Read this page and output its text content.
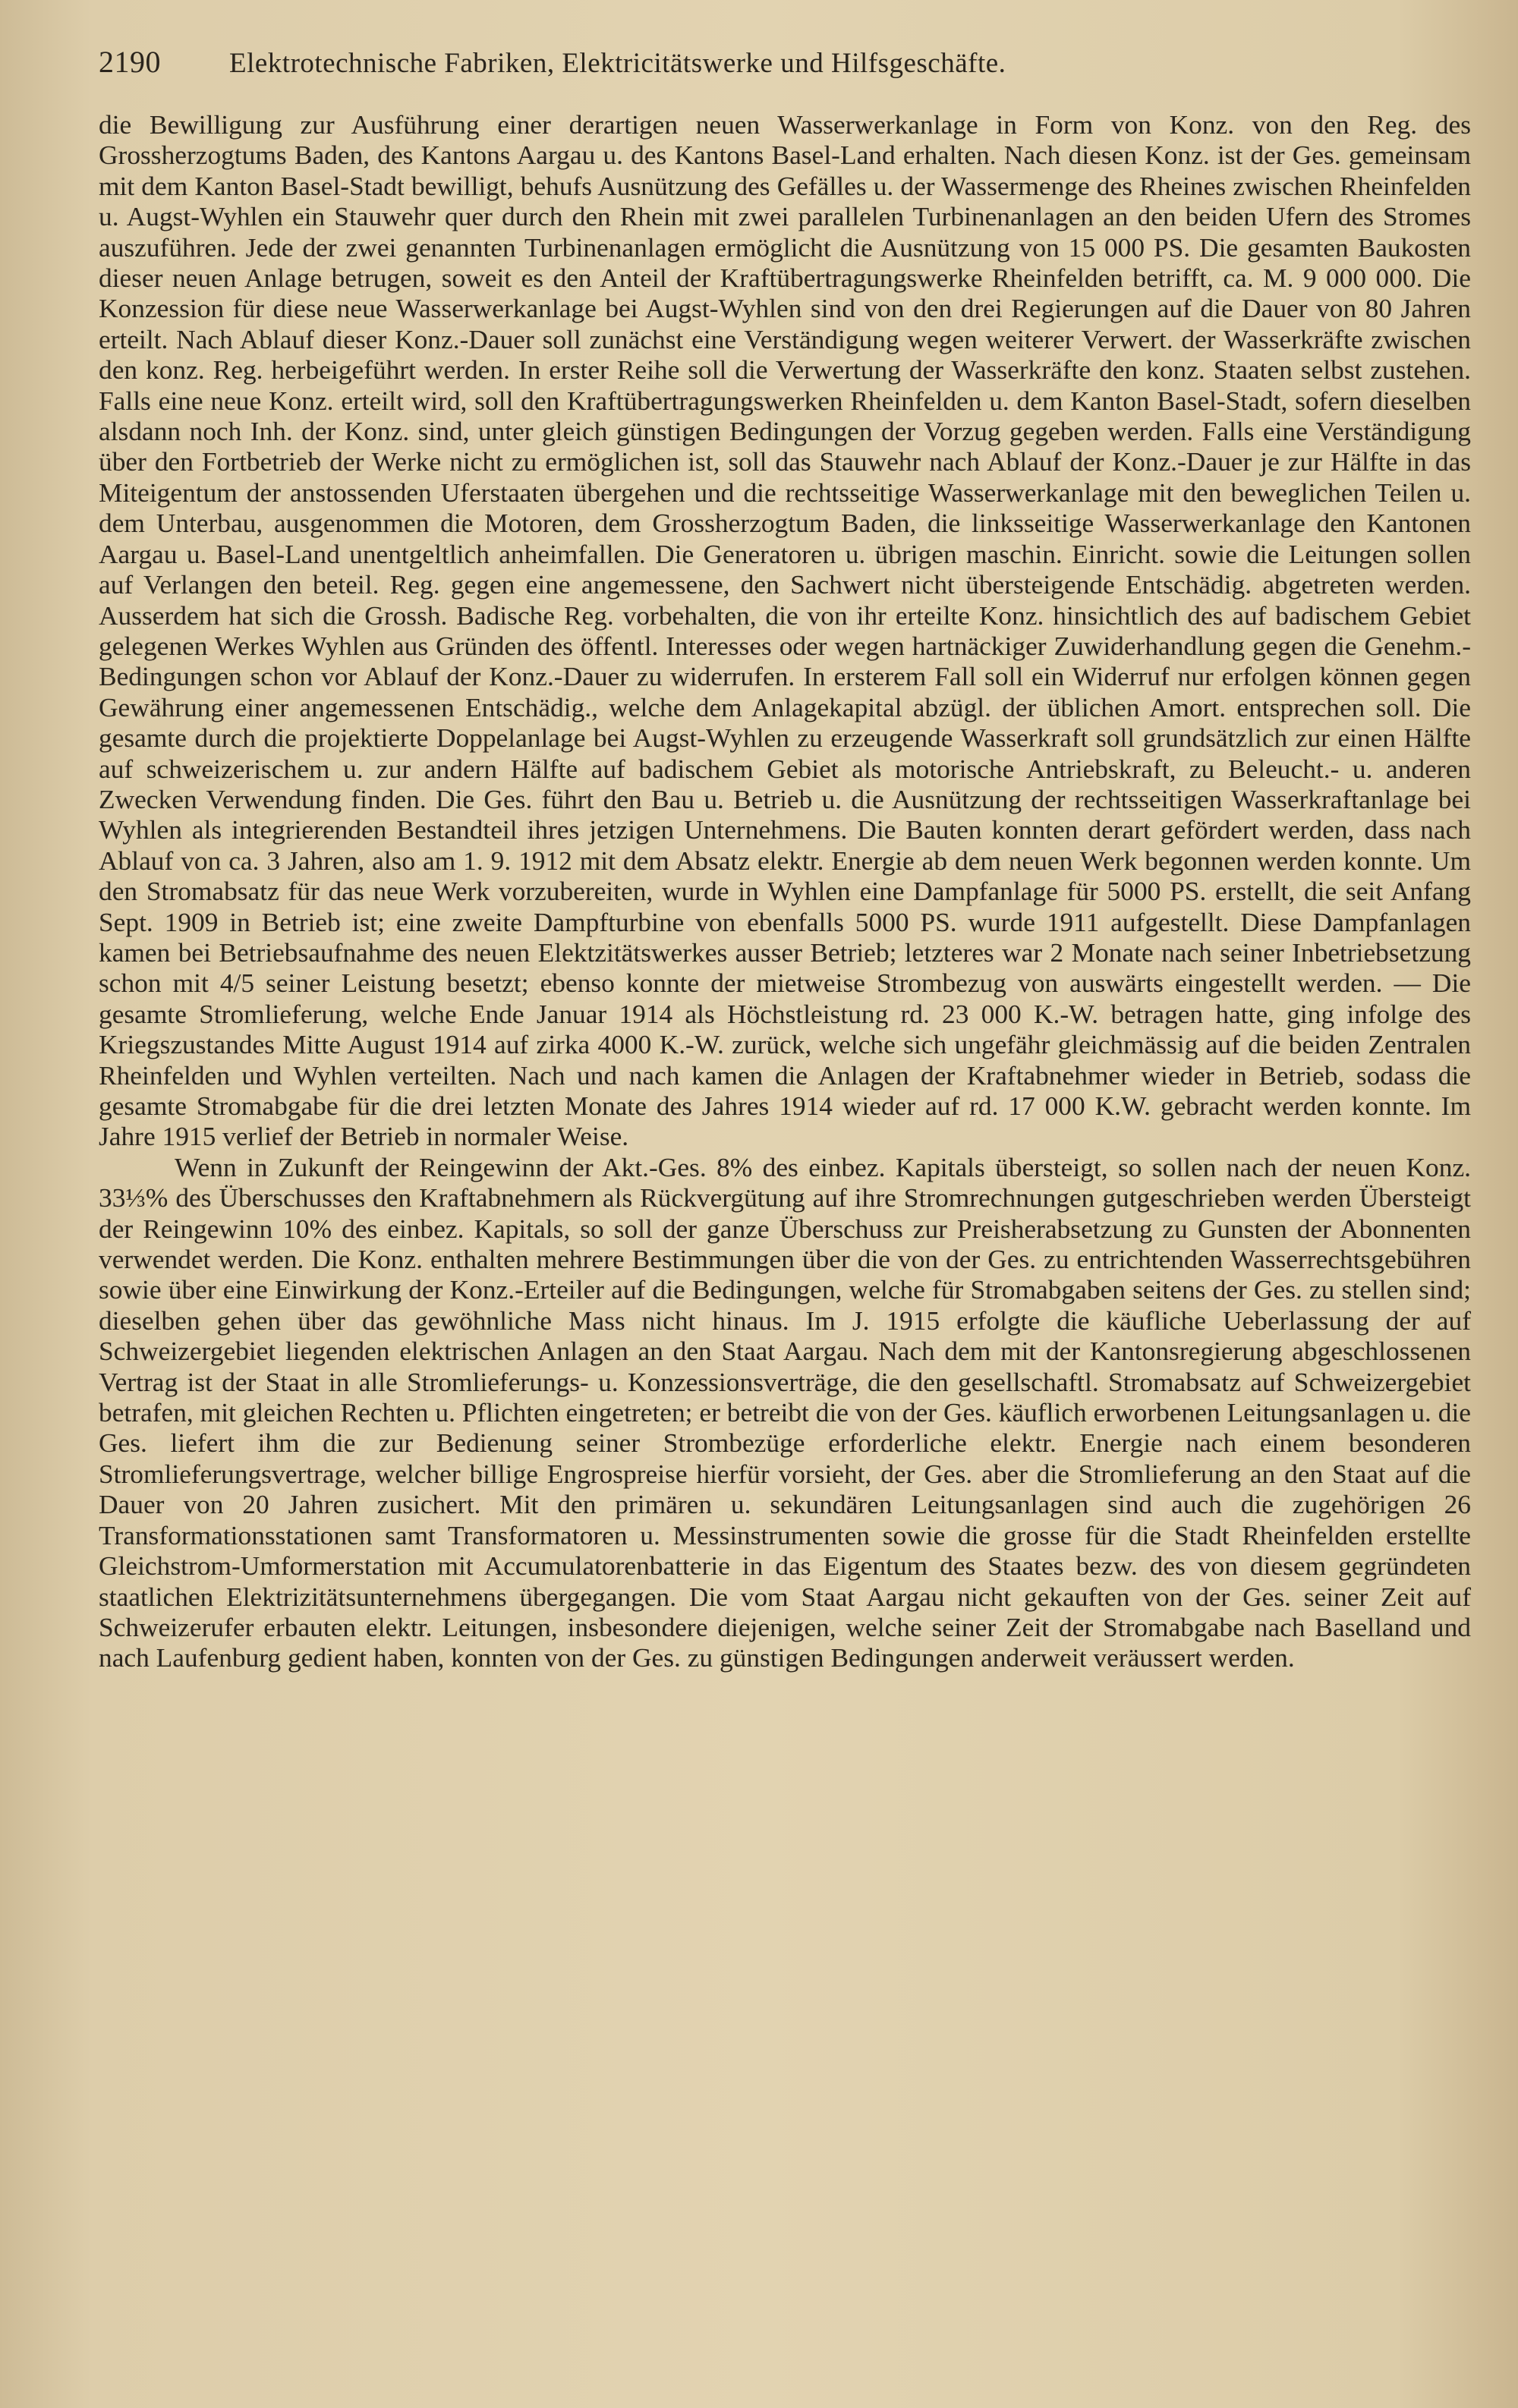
2190	Elektrotechnische Fabriken, Elektricitätswerke und Hilfsgeschäfte.

die Bewilligung zur Ausführung einer derartigen neuen Wasserwerkanlage in Form von Konz. von den Reg. des Grossherzogtums Baden, des Kantons Aargau u. des Kantons Basel-Land erhalten. Nach diesen Konz. ist der Ges. gemeinsam mit dem Kanton Basel-Stadt bewilligt, behufs Ausnützung des Gefälles u. der Wassermenge des Rheines zwischen Rheinfelden u. Augst-Wyhlen ein Stauwehr quer durch den Rhein mit zwei parallelen Turbinenanlagen an den beiden Ufern des Stromes auszuführen. Jede der zwei genannten Turbinenanlagen ermöglicht die Ausnützung von 15 000 PS. Die gesamten Baukosten dieser neuen Anlage betrugen, soweit es den Anteil der Kraftübertragungswerke Rheinfelden betrifft, ca. M. 9 000 000. Die Konzession für diese neue Wasserwerkanlage bei Augst-Wyhlen sind von den drei Regierungen auf die Dauer von 80 Jahren erteilt. Nach Ablauf dieser Konz.-Dauer soll zunächst eine Verständigung wegen weiterer Verwert. der Wasserkräfte zwischen den konz. Reg. herbeigeführt werden. In erster Reihe soll die Verwertung der Wasserkräfte den konz. Staaten selbst zustehen. Falls eine neue Konz. erteilt wird, soll den Kraftübertragungswerken Rheinfelden u. dem Kanton Basel-Stadt, sofern dieselben alsdann noch Inh. der Konz. sind, unter gleich günstigen Bedingungen der Vorzug gegeben werden. Falls eine Verständigung über den Fortbetrieb der Werke nicht zu ermöglichen ist, soll das Stauwehr nach Ablauf der Konz.-Dauer je zur Hälfte in das Miteigentum der anstossenden Uferstaaten übergehen und die rechtsseitige Wasserwerkanlage mit den beweglichen Teilen u. dem Unterbau, ausgenommen die Motoren, dem Grossherzogtum Baden, die linksseitige Wasserwerkanlage den Kantonen Aargau u. Basel-Land unentgeltlich anheimfallen. Die Generatoren u. übrigen maschin. Einricht. sowie die Leitungen sollen auf Verlangen den beteil. Reg. gegen eine angemessene, den Sachwert nicht übersteigende Entschädig. abgetreten werden. Ausserdem hat sich die Grossh. Badische Reg. vorbehalten, die von ihr erteilte Konz. hinsichtlich des auf badischem Gebiet gelegenen Werkes Wyhlen aus Gründen des öffentl. Interesses oder wegen hartnäckiger Zuwiderhandlung gegen die Genehm.-Bedingungen schon vor Ablauf der Konz.-Dauer zu widerrufen. In ersterem Fall soll ein Widerruf nur erfolgen können gegen Gewährung einer angemessenen Entschädig., welche dem Anlagekapital abzügl. der üblichen Amort. entsprechen soll. Die gesamte durch die projektierte Doppelanlage bei Augst-Wyhlen zu erzeugende Wasserkraft soll grundsätzlich zur einen Hälfte auf schweizerischem u. zur andern Hälfte auf badischem Gebiet als motorische Antriebskraft, zu Beleucht.- u. anderen Zwecken Verwendung finden. Die Ges. führt den Bau u. Betrieb u. die Ausnützung der rechtsseitigen Wasserkraftanlage bei Wyhlen als integrierenden Bestandteil ihres jetzigen Unternehmens. Die Bauten konnten derart gefördert werden, dass nach Ablauf von ca. 3 Jahren, also am 1. 9. 1912 mit dem Absatz elektr. Energie ab dem neuen Werk begonnen werden konnte. Um den Stromabsatz für das neue Werk vorzubereiten, wurde in Wyhlen eine Dampfanlage für 5000 PS. erstellt, die seit Anfang Sept. 1909 in Betrieb ist; eine zweite Dampfturbine von ebenfalls 5000 PS. wurde 1911 aufgestellt. Diese Dampfanlagen kamen bei Betriebsaufnahme des neuen Elektzitätswerkes ausser Betrieb; letzteres war 2 Monate nach seiner Inbetriebsetzung schon mit 4/5 seiner Leistung besetzt; ebenso konnte der mietweise Strombezug von auswärts eingestellt werden. — Die gesamte Stromlieferung, welche Ende Januar 1914 als Höchstleistung rd. 23 000 K.-W. betragen hatte, ging infolge des Kriegszustandes Mitte August 1914 auf zirka 4000 K.-W. zurück, welche sich ungefähr gleichmässig auf die beiden Zentralen Rheinfelden und Wyhlen verteilten. Nach und nach kamen die Anlagen der Kraftabnehmer wieder in Betrieb, sodass die gesamte Stromabgabe für die drei letzten Monate des Jahres 1914 wieder auf rd. 17 000 K.W. gebracht werden konnte. Im Jahre 1915 verlief der Betrieb in normaler Weise.

Wenn in Zukunft der Reingewinn der Akt.-Ges. 8% des einbez. Kapitals übersteigt, so sollen nach der neuen Konz. 33⅓% des Überschusses den Kraftabnehmern als Rückvergütung auf ihre Stromrechnungen gutgeschrieben werden Übersteigt der Reingewinn 10% des einbez. Kapitals, so soll der ganze Überschuss zur Preisherabsetzung zu Gunsten der Abonnenten verwendet werden. Die Konz. enthalten mehrere Bestimmungen über die von der Ges. zu entrichtenden Wasserrechtsgebühren sowie über eine Einwirkung der Konz.-Erteiler auf die Bedingungen, welche für Stromabgaben seitens der Ges. zu stellen sind; dieselben gehen über das gewöhnliche Mass nicht hinaus. Im J. 1915 erfolgte die käufliche Ueberlassung der auf Schweizergebiet liegenden elektrischen Anlagen an den Staat Aargau. Nach dem mit der Kantonsregierung abgeschlossenen Vertrag ist der Staat in alle Stromlieferungs- u. Konzessionsverträge, die den gesellschaftl. Stromabsatz auf Schweizergebiet betrafen, mit gleichen Rechten u. Pflichten eingetreten; er betreibt die von der Ges. käuflich erworbenen Leitungsanlagen u. die Ges. liefert ihm die zur Bedienung seiner Strombezüge erforderliche elektr. Energie nach einem besonderen Stromlieferungsvertrage, welcher billige Engrospreise hierfür vorsieht, der Ges. aber die Stromlieferung an den Staat auf die Dauer von 20 Jahren zusichert. Mit den primären u. sekundären Leitungsanlagen sind auch die zugehörigen 26 Transformationsstationen samt Transformatoren u. Messinstrumenten sowie die grosse für die Stadt Rheinfelden erstellte Gleichstrom-Umformerstation mit Accumulatorenbatterie in das Eigentum des Staates bezw. des von diesem gegründeten staatlichen Elektrizitätsunternehmens übergegangen. Die vom Staat Aargau nicht gekauften von der Ges. seiner Zeit auf Schweizerufer erbauten elektr. Leitungen, insbesondere diejenigen, welche seiner Zeit der Stromabgabe nach Baselland und nach Laufenburg gedient haben, konnten von der Ges. zu günstigen Bedingungen anderweit veräussert werden.
